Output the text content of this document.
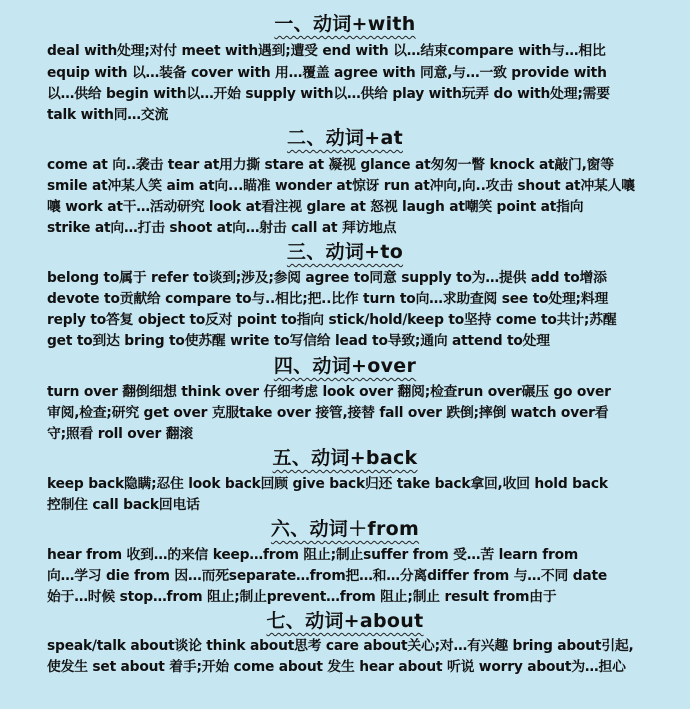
一、动词+with
deal with处理;对付 meet with遇到;遭受 end with 以…结束compare with与…相比
equip with 以…装备 cover with 用…覆盖 agree with 同意,与…一致 provide with
以…供给 begin with以…开始 supply with以…供给 play with玩弄 do with处理;需要
talk with同…交流
二、动词+at
come at 向..袭击 tear at用力撕 stare at 凝视 glance at匆匆一瞥 knock at敲门,窗等
smile at冲某人笑 aim at向...瞄准 wonder at惊讶 run at冲向,向..攻击 shout at冲某人嚷
嚷 work at干…活动研究 look at看注视 glare at 怒视 laugh at嘲笑 point at指向
strike at向…打击 shoot at向…射击 call at 拜访地点
三、动词+to
belong to属于 refer to谈到;涉及;参阅 agree to同意 supply to为…提供 add to增添
devote to贡献给 compare to与..相比;把..比作 turn to向…求助查阅 see to处理;料理
reply to答复 object to反对 point to指向 stick/hold/keep to坚持 come to共计;苏醒
get to到达 bring to使苏醒 write to写信给 lead to导致;通向 attend to处理
四、动词+over
turn over 翻倒细想 think over 仔细考虑 look over 翻阅;检查run over碾压 go over
审阅,检查;研究 get over 克服take over 接管,接替 fall over 跌倒;摔倒 watch over看
守;照看 roll over 翻滚
五、动词+back
keep back隐瞒;忍住 look back回顾 give back归还 take back拿回,收回 hold back
控制住 call back回电话
六、动词＋from
hear from 收到…的来信 keep…from 阻止;制止suffer from 受…苦 learn from
向…学习 die from 因…而死separate…from把…和…分离differ from 与…不同 date
始于…时候 stop…from 阻止;制止prevent…from 阻止;制止 result from由于
七、动词+about
speak/talk about谈论 think about思考 care about关心;对…有兴趣 bring about引起,
使发生 set about 着手;开始 come about 发生 hear about 听说 worry about为…担心
